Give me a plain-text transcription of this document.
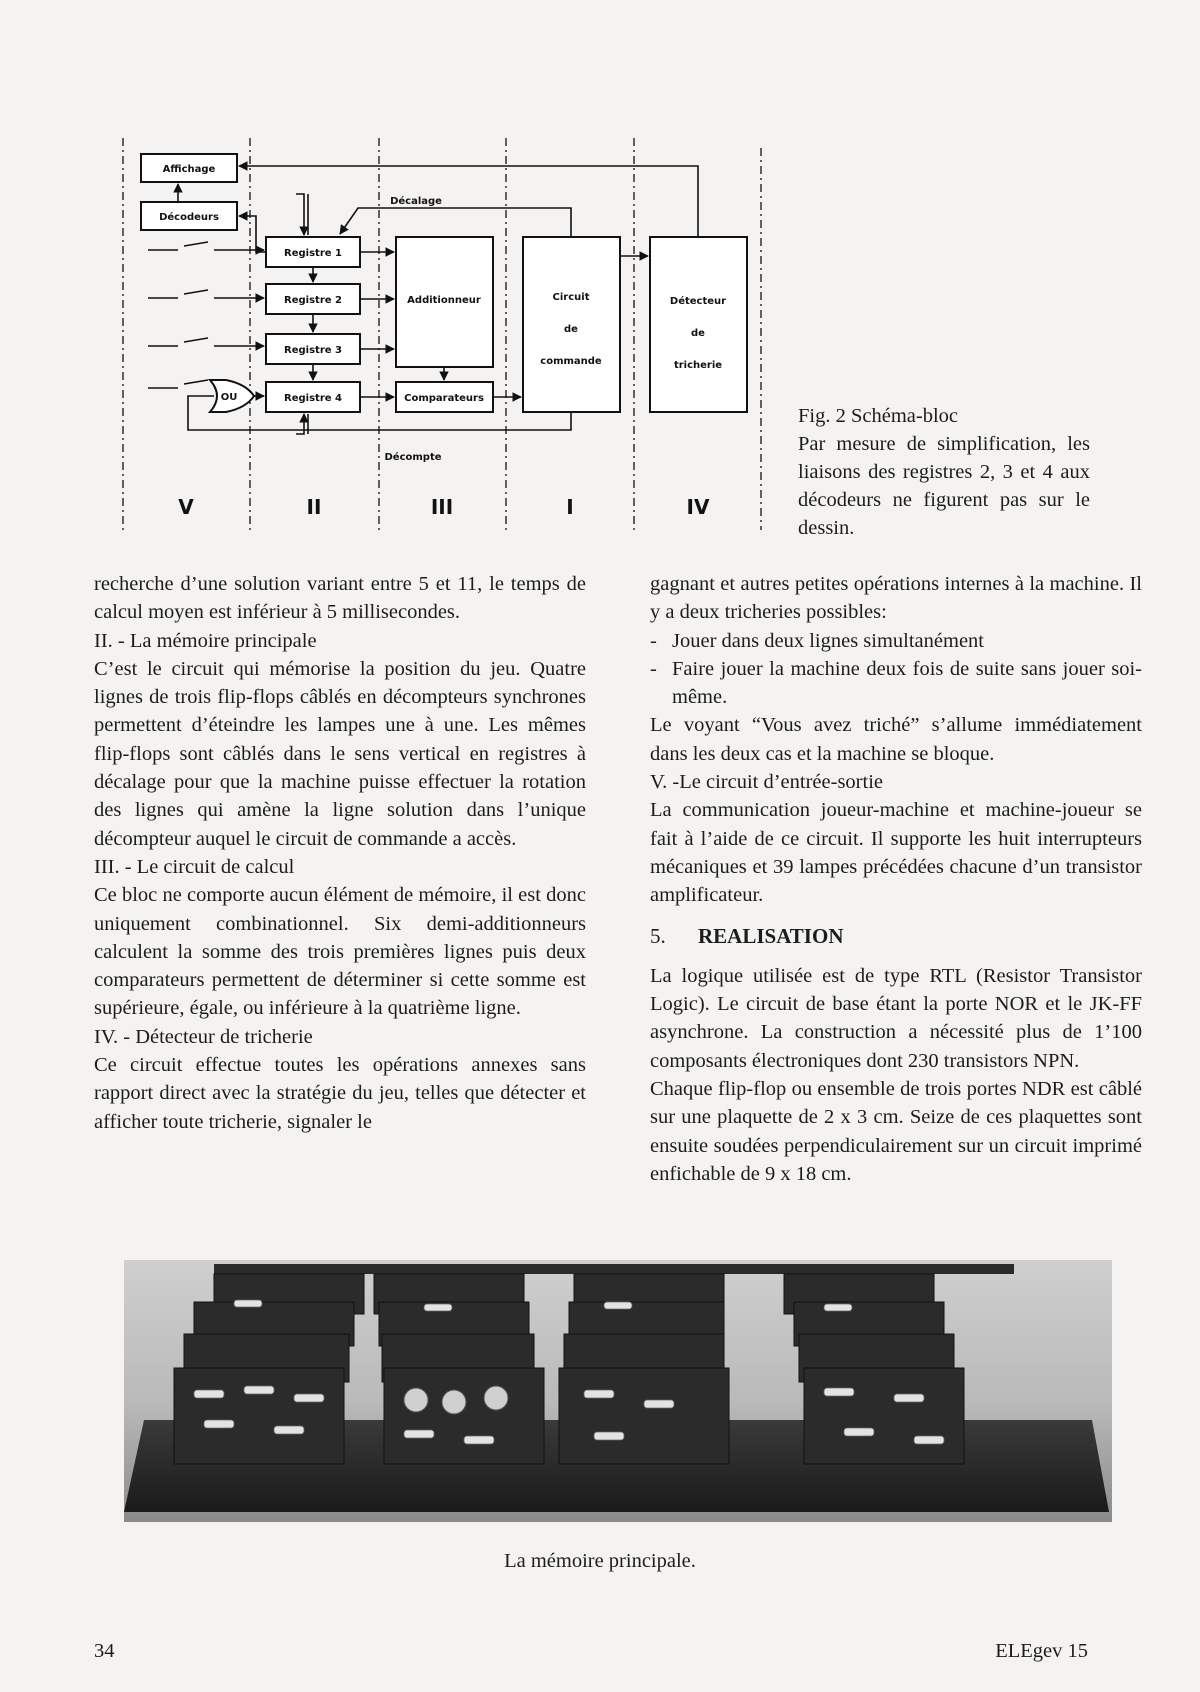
Affichage
Décodeurs
Registre 1
Registre 2
Registre 3
Registre 4
OU
Additionneur
Comparateurs
Circuit
de
commande
Détecteur
de
tricherie
Décalage
Décompte
V	II	III	I	IV

Fig. 2 Schéma-bloc

Par mesure de simplification, les liaisons des registres 2, 3 et 4 aux décodeurs ne figurent pas sur le dessin.

recherche d’une solution variant entre 5 et 11, le temps de calcul moyen est inférieur à 5 millisecondes.

II. - La mémoire principale

C’est le circuit qui mémorise la position du jeu. Quatre lignes de trois flip-flops câblés en décompteurs synchrones permettent d’éteindre les lampes une à une. Les mêmes flip-flops sont câblés dans le sens vertical en registres à décalage pour que la machine puisse effectuer la rotation des lignes qui amène la ligne solution dans l’unique décompteur auquel le circuit de commande a accès.

III. - Le circuit de calcul

Ce bloc ne comporte aucun élément de mémoire, il est donc uniquement combinationnel. Six demi-additionneurs calculent la somme des trois premières lignes puis deux comparateurs permettent de déterminer si cette somme est supérieure, égale, ou inférieure à la quatrième ligne.

IV. - Détecteur de tricherie

Ce circuit effectue toutes les opérations annexes sans rapport direct avec la stratégie du jeu, telles que détecter et afficher toute tricherie, signaler le

gagnant et autres petites opérations internes à la machine. Il y a deux tricheries possibles:

- Jouer dans deux lignes simultanément

- Faire jouer la machine deux fois de suite sans jouer soi-même.

Le voyant “Vous avez triché” s’allume immédiatement dans les deux cas et la machine se bloque.

V. -Le circuit d’entrée-sortie

La communication joueur-machine et machine-joueur se fait à l’aide de ce circuit. Il supporte les huit interrupteurs mécaniques et 39 lampes précédées chacune d’un transistor amplificateur.

5. REALISATION

La logique utilisée est de type RTL (Resistor Transistor Logic). Le circuit de base étant la porte NOR et le JK-FF asynchrone. La construction a nécessité plus de 1’100 composants électroniques dont 230 transistors NPN.

Chaque flip-flop ou ensemble de trois portes NDR est câblé sur une plaquette de 2 x 3 cm. Seize de ces plaquettes sont ensuite soudées perpendiculairement sur un circuit imprimé enfichable de 9 x 18 cm.

La mémoire principale.
34	ELEgev 15
